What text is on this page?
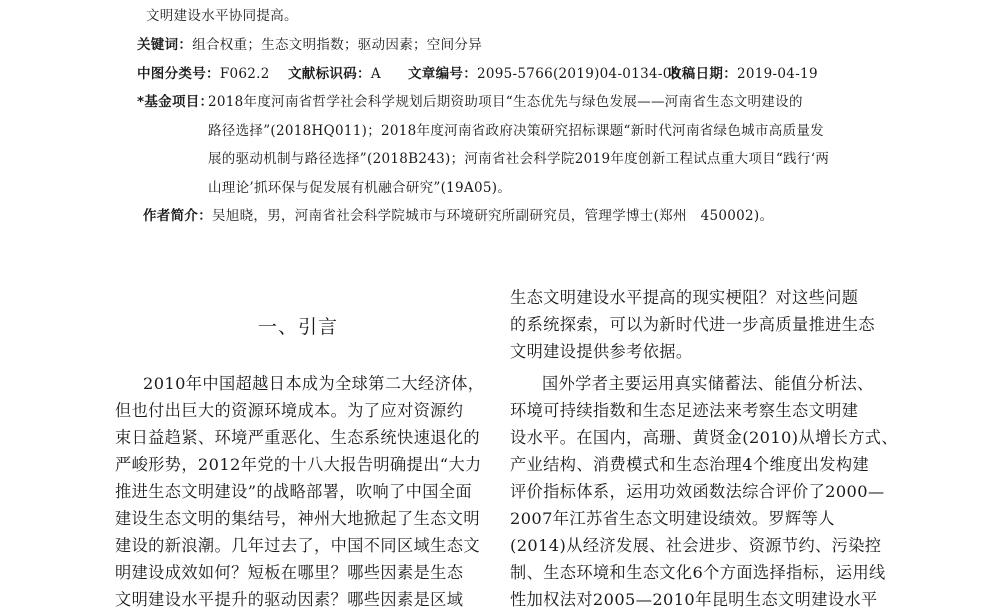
文明建设水平协同提高。
关键词：组合权重；生态文明指数；驱动因素；空间分异
中图分类号：F062.2 文献标识码：A 文章编号：2095-5766(2019)04-0134-09收稿日期：2019-04-19
*基金项目：
2018年度河南省哲学社会科学规划后期资助项目“生态优先与绿色发展——河南省生态文明建设的
路径选择”(2018HQ011)；2018年度河南省政府决策研究招标课题“新时代河南省绿色城市高质量发
展的驱动机制与路径选择”(2018B243)；河南省社会科学院2019年度创新工程试点重大项目“践行‘两
山理论’抓环保与促发展有机融合研究”(19A05)。
作者简介：吴旭晓，男，河南省社会科学院城市与环境研究所副研究员，管理学博士(郑州　450002)。
一、引言
2010年中国超越日本成为全球第二大经济体，
但也付出巨大的资源环境成本。为了应对资源约
束日益趋紧、环境严重恶化、生态系统快速退化的
严峻形势，2012年党的十八大报告明确提出“大力
推进生态文明建设”的战略部署，吹响了中国全面
建设生态文明的集结号，神州大地掀起了生态文明
建设的新浪潮。几年过去了，中国不同区域生态文
明建设成效如何？短板在哪里？哪些因素是生态
文明建设水平提升的驱动因素？哪些因素是区域
生态文明建设水平提高的现实梗阻？对这些问题
的系统探索，可以为新时代进一步高质量推进生态
文明建设提供参考依据。
国外学者主要运用真实储蓄法、能值分析法、
环境可持续指数和生态足迹法来考察生态文明建
设水平。在国内，高珊、黄贤金(2010)从增长方式、
产业结构、消费模式和生态治理4个维度出发构建
评价指标体系，运用功效函数法综合评价了2000—
2007年江苏省生态文明建设绩效。罗辉等人
(2014)从经济发展、社会进步、资源节约、污染控
制、生态环境和生态文化6个方面选择指标，运用线
性加权法对2005—2010年昆明生态文明建设水平
